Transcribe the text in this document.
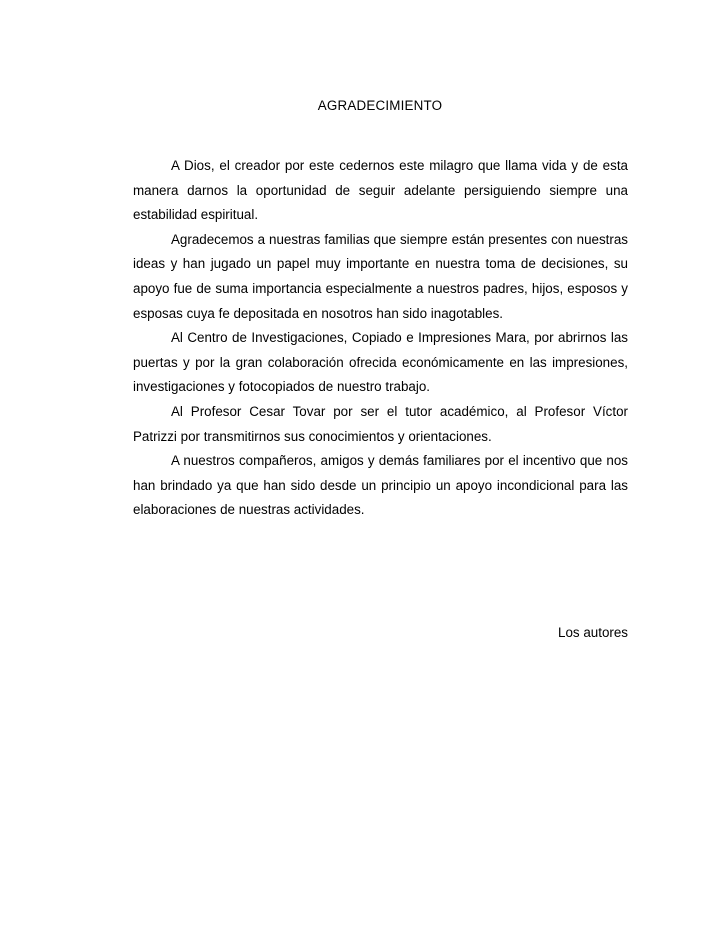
AGRADECIMIENTO

A Dios, el creador por este cedernos este milagro que llama vida y de esta manera darnos la oportunidad de seguir adelante persiguiendo siempre una estabilidad espiritual.

Agradecemos a nuestras familias que siempre están presentes con nuestras ideas y han jugado un papel muy importante en nuestra toma de decisiones, su apoyo fue de suma importancia especialmente a nuestros padres, hijos, esposos y esposas cuya fe depositada en nosotros han sido inagotables.

Al Centro de Investigaciones, Copiado e Impresiones Mara, por abrirnos las puertas y por la gran colaboración ofrecida económicamente en las impresiones, investigaciones y fotocopiados de nuestro trabajo.

Al Profesor Cesar Tovar por ser el tutor académico, al Profesor Víctor Patrizzi por transmitirnos sus conocimientos y orientaciones.

A nuestros compañeros, amigos y demás familiares por el incentivo que nos han brindado ya que han sido desde un principio un apoyo incondicional para las elaboraciones de nuestras actividades.

Los autores
